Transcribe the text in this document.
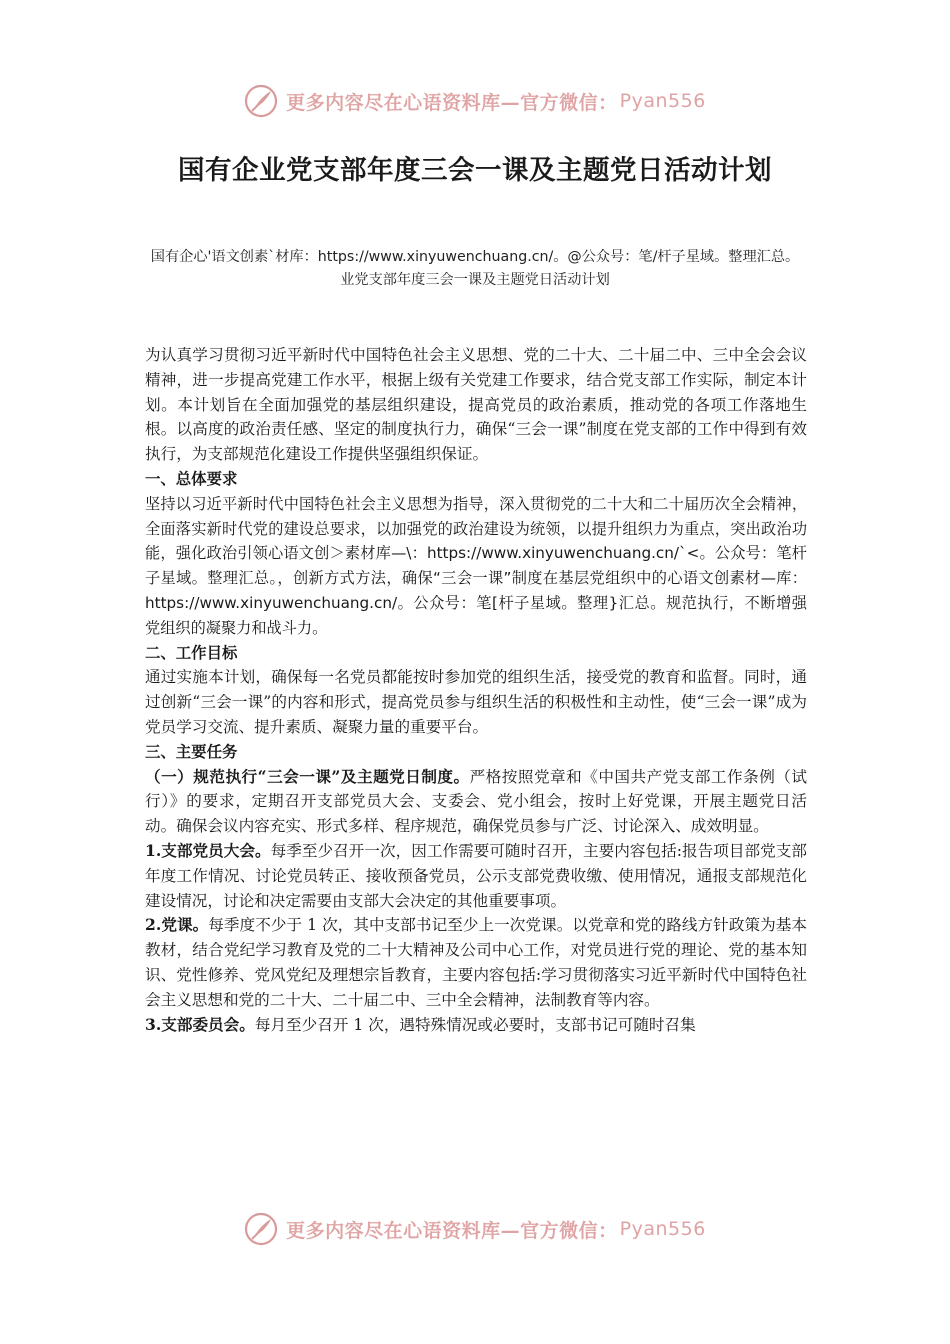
更多内容尽在心语资料库—官方微信： Pyan556
国有企业党支部年度三会一课及主题党日活动计划
国有企心'语文创素`材库：https://www.xinyuwenchuang.cn/。@公众号：笔/杆子星域。整理汇总。业党支部年度三会一课及主题党日活动计划

为认真学习贯彻习近平新时代中国特色社会主义思想、党的二十大、二十届二中、三中全会会议精神，进一步提高党建工作水平，根据上级有关党建工作要求，结合党支部工作实际，制定本计划。本计划旨在全面加强党的基层组织建设，提高党员的政治素质，推动党的各项工作落地生根。以高度的政治责任感、坚定的制度执行力，确保“三会一课”制度在党支部的工作中得到有效执行，为支部规范化建设工作提供坚强组织保证。

一、总体要求

坚持以习近平新时代中国特色社会主义思想为指导，深入贯彻党的二十大和二十届历次全会精神，全面落实新时代党的建设总要求，以加强党的政治建设为统领，以提升组织力为重点，突出政治功能，强化政治引领心语文创＞素材库—\：https://www.xinyuwenchuang.cn/`<。公众号：笔杆子星域。整理汇总。，创新方式方法，确保“三会一课”制度在基层党组织中的心语文创素材—库：https://www.xinyuwenchuang.cn/。公众号：笔[杆子星域。整理}汇总。规范执行，不断增强党组织的凝聚力和战斗力。

二、工作目标

通过实施本计划，确保每一名党员都能按时参加党的组织生活，接受党的教育和监督。同时，通过创新“三会一课”的内容和形式，提高党员参与组织生活的积极性和主动性，使“三会一课”成为党员学习交流、提升素质、凝聚力量的重要平台。

三、主要任务

（一）规范执行“三会一课”及主题党日制度。严格按照党章和《中国共产党支部工作条例（试行）》的要求，定期召开支部党员大会、支委会、党小组会，按时上好党课，开展主题党日活动。确保会议内容充实、形式多样、程序规范，确保党员参与广泛、讨论深入、成效明显。

1.支部党员大会。每季至少召开一次，因工作需要可随时召开，主要内容包括:报告项目部党支部年度工作情况、讨论党员转正、接收预备党员，公示支部党费收缴、使用情况，通报支部规范化建设情况，讨论和决定需要由支部大会决定的其他重要事项。

2.党课。每季度不少于 1 次，其中支部书记至少上一次党课。以党章和党的路线方针政策为基本教材，结合党纪学习教育及党的二十大精神及公司中心工作，对党员进行党的理论、党的基本知识、党性修养、党风党纪及理想宗旨教育，主要内容包括:学习贯彻落实习近平新时代中国特色社会主义思想和党的二十大、二十届二中、三中全会精神，法制教育等内容。

3.支部委员会。每月至少召开 1 次，遇特殊情况或必要时，支部书记可随时召集

更多内容尽在心语资料库—官方微信： Pyan556
